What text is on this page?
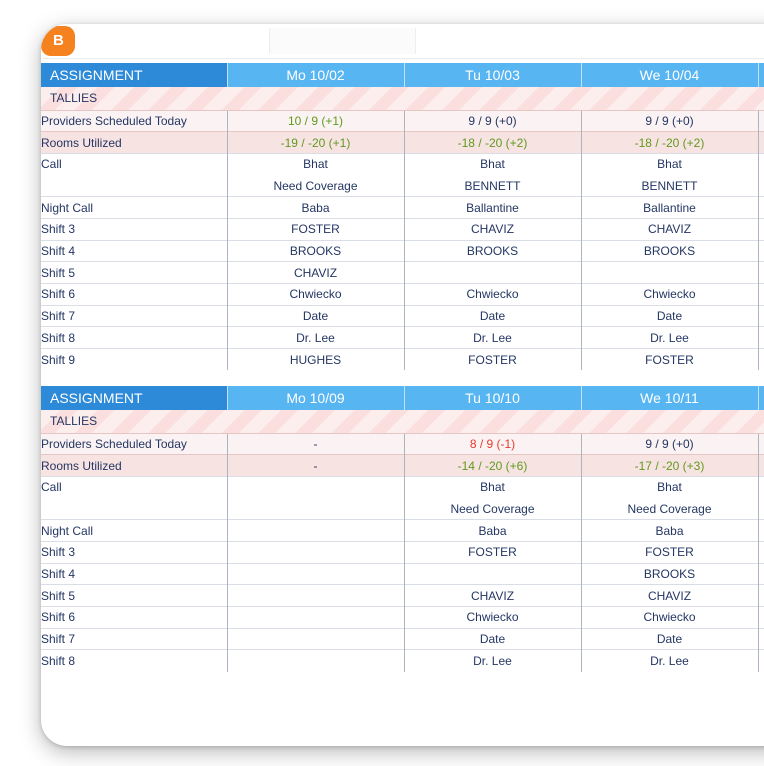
B
ASSIGNMENT	Mo 10/02	Tu 10/03	We 10/04	
TALLIES				
Providers Scheduled Today	10 / 9 (+1)	9 / 9 (+0)	9 / 9 (+0)	
Rooms Utilized	-19 / -20 (+1)	-18 / -20 (+2)	-18 / -20 (+2)	
Call	Bhat	Bhat	Bhat	
	Need Coverage	BENNETT	BENNETT	
Night Call	Baba	Ballantine	Ballantine	
Shift 3	FOSTER	CHAVIZ	CHAVIZ	
Shift 4	BROOKS	BROOKS	BROOKS	
Shift 5	CHAVIZ			
Shift 6	Chwiecko	Chwiecko	Chwiecko	
Shift 7	Date	Date	Date	
Shift 8	Dr. Lee	Dr. Lee	Dr. Lee	
Shift 9	HUGHES	FOSTER	FOSTER	
ASSIGNMENT	Mo 10/09	Tu 10/10	We 10/11	
TALLIES				
Providers Scheduled Today	-	8 / 9 (-1)	9 / 9 (+0)	
Rooms Utilized	-	-14 / -20 (+6)	-17 / -20 (+3)	
Call		Bhat	Bhat	
		Need Coverage	Need Coverage	
Night Call		Baba	Baba	
Shift 3		FOSTER	FOSTER	
Shift 4			BROOKS	
Shift 5		CHAVIZ	CHAVIZ	
Shift 6		Chwiecko	Chwiecko	
Shift 7		Date	Date	
Shift 8		Dr. Lee	Dr. Lee	
